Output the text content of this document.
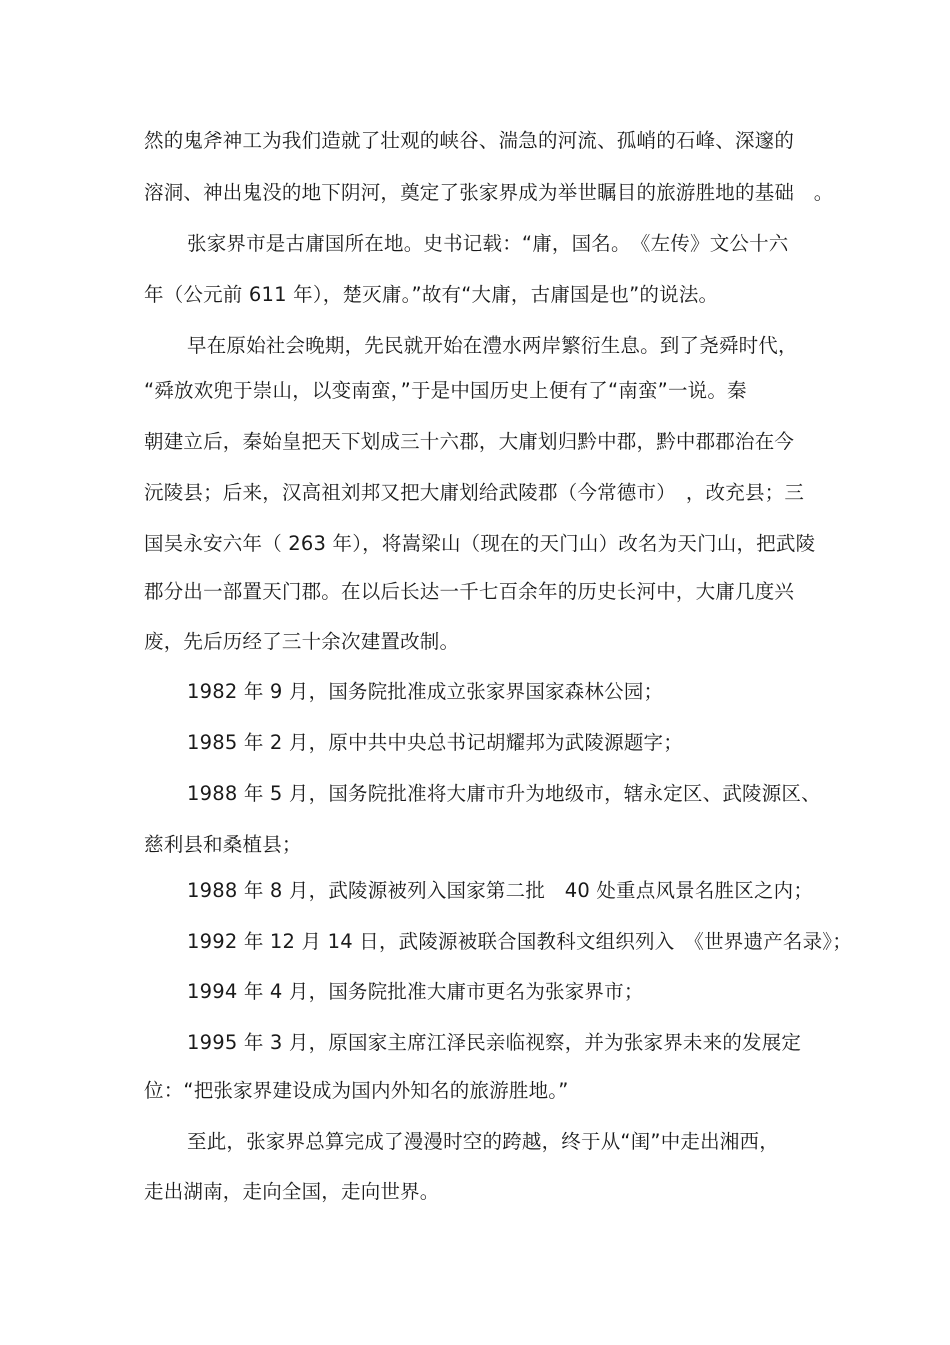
然的鬼斧神工为我们造就了壮观的峡谷、湍急的河流、孤峭的石峰、深邃的
溶洞、神出鬼没的地下阴河，奠定了张家界成为举世瞩目的旅游胜地的基础　。
张家界市是古庸国所在地。史书记载：“庸，国名。　《左传》文公十六
年（公元前 611 年），楚灭庸。”故有“大庸，古庸国是也”的说法。
早在原始社会晚期，先民就开始在澧水两岸繁衍生息。到了尧舜时代，
“舜放欢兜于崇山，以变南蛮，”于是中国历史上便有了“南蛮”一说。秦
朝建立后，秦始皇把天下划成三十六郡，大庸划归黔中郡，黔中郡郡治在今
沅陵县；后来，汉高祖刘邦又把大庸划给武陵郡（今常德市）　，改充县；三
国吴永安六年（ 263 年），将嵩梁山（现在的天门山）改名为天门山，把武陵
郡分出一部置天门郡。在以后长达一千七百余年的历史长河中，大庸几度兴
废，先后历经了三十余次建置改制。
1982 年 9 月，国务院批准成立张家界国家森林公园；
1985 年 2 月，原中共中央总书记胡耀邦为武陵源题字；
1988 年 5 月，国务院批准将大庸市升为地级市，辖永定区、武陵源区、
慈利县和桑植县；
1988 年 8 月，武陵源被列入国家第二批　40 处重点风景名胜区之内；
1992 年 12 月 14 日，武陵源被联合国教科文组织列入　《世界遗产名录》；
1994 年 4 月，国务院批准大庸市更名为张家界市；
1995 年 3 月，原国家主席江泽民亲临视察，并为张家界未来的发展定
位：“把张家界建设成为国内外知名的旅游胜地。”
至此，张家界总算完成了漫漫时空的跨越，终于从“闺”中走出湘西，
走出湖南，走向全国，走向世界。
